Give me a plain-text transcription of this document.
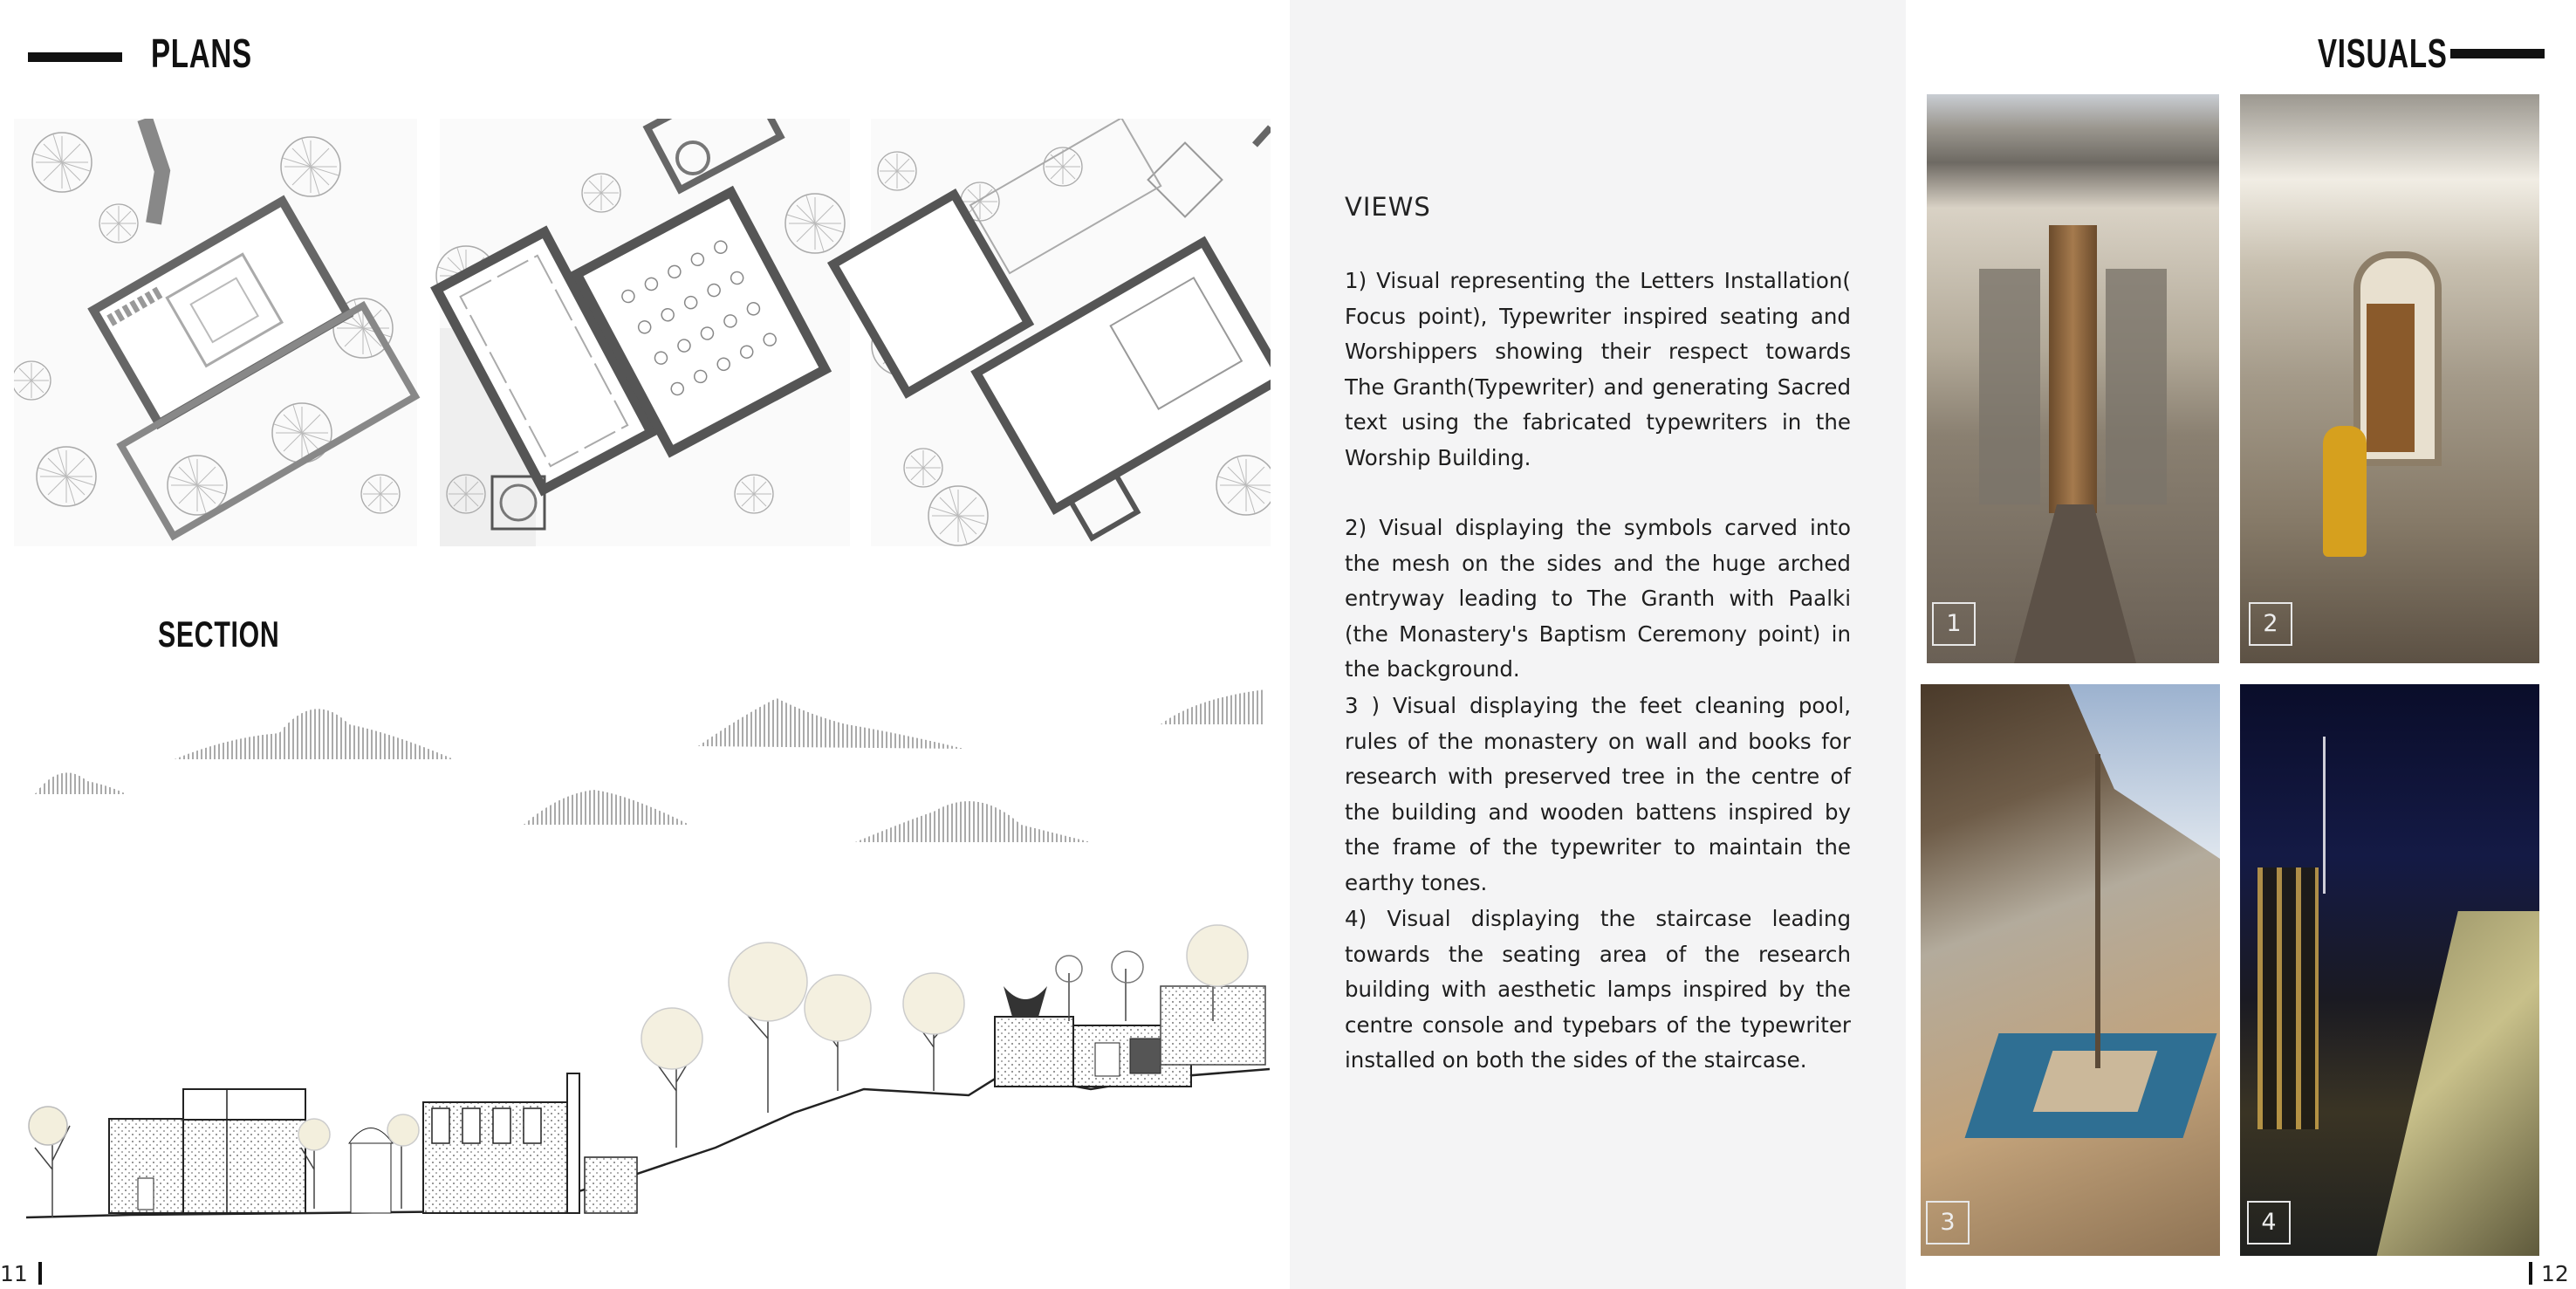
PLANS
SECTION
11
VIEWS
1) Visual representing the Letters Installation( Focus point), Typewriter inspired seating and Worshippers showing their respect towards The Granth(Typewriter) and generating Sacred text using the fabricated typewriters in the Worship Building.
2) Visual displaying the symbols carved into the mesh on the sides and the huge arched entryway leading to The Granth with Paalki (the Monastery's Baptism Ceremony point) in the background.
3 ) Visual displaying the feet cleaning pool, rules of the monastery on wall and books for research with preserved tree in the centre of the building and wooden battens inspired by the frame of the typewriter to maintain the earthy tones.
4) Visual displaying the staircase leading towards the seating area of the research building with aesthetic lamps inspired by the centre console and typebars of the typewriter installed on both the sides of the staircase.
VISUALS
1	2
3	4
12
